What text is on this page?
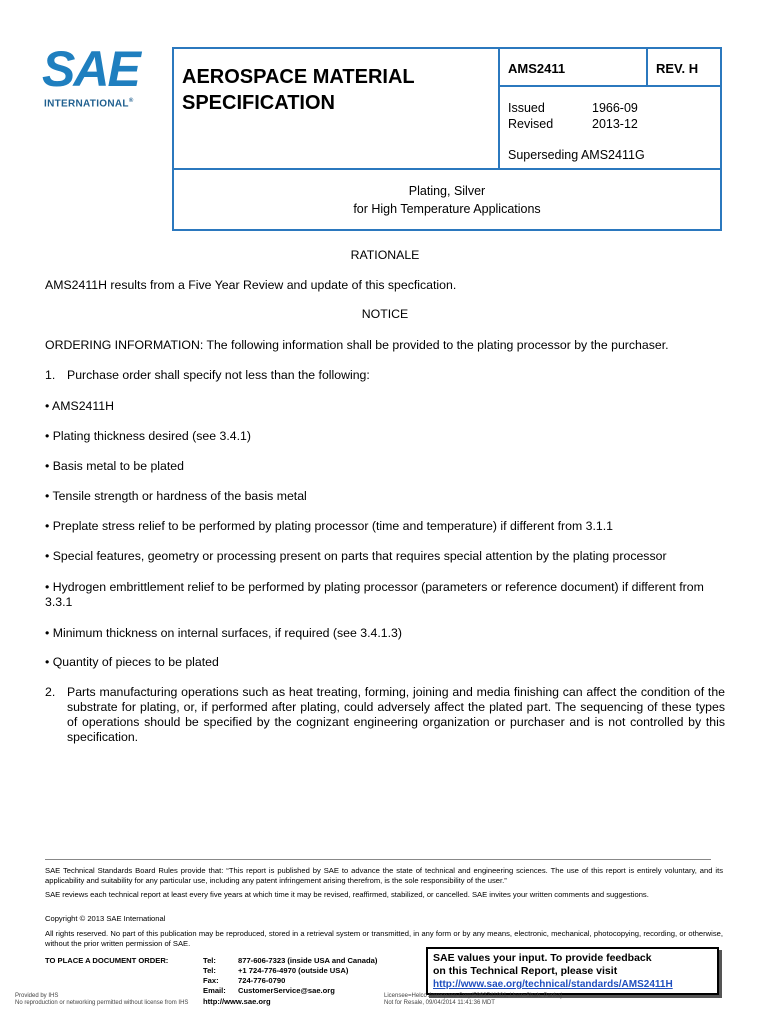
SAE
INTERNATIONAL®
AEROSPACE MATERIAL
SPECIFICATION
AMS2411	REV. H
Issued	1966-09
Revised	2013-12
Superseding AMS2411G
Plating, Silver
for High Temperature Applications
RATIONALE
AMS2411H results from a Five Year Review and update of this specfication.
NOTICE
ORDERING INFORMATION: The following information shall be provided to the plating processor by the purchaser.
1. Purchase order shall specify not less than the following:
• AMS2411H
• Plating thickness desired (see 3.4.1)
• Basis metal to be plated
• Tensile strength or hardness of the basis metal
• Preplate stress relief to be performed by plating processor (time and temperature) if different from 3.1.1
• Special features, geometry or processing present on parts that requires special attention by the plating processor
• Hydrogen embrittlement relief to be performed by plating processor (parameters or reference document) if different from 3.3.1
• Minimum thickness on internal surfaces, if required (see 3.4.1.3)
• Quantity of pieces to be plated
2. Parts manufacturing operations such as heat treating, forming, joining and media finishing can affect the condition of the substrate for plating, or, if performed after plating, could adversely affect the plated part. The sequencing of these types of operations should be specified by the cognizant engineering organization or purchaser and is not controlled by this specification.
SAE Technical Standards Board Rules provide that: “This report is published by SAE to advance the state of technical and engineering sciences. The use of this report is entirely voluntary, and its applicability and suitability for any particular use, including any patent infringement arising therefrom, is the sole responsibility of the user.”
SAE reviews each technical report at least every five years at which time it may be revised, reaffirmed, stabilized, or cancelled. SAE invites your written comments and suggestions.
Copyright © 2013 SAE International
All rights reserved. No part of this publication may be reproduced, stored in a retrieval system or transmitted, in any form or by any means, electronic, mechanical, photocopying, recording, or otherwise, without the prior written permission of SAE.
TO PLACE A DOCUMENT ORDER:	Tel:	877-606-7323 (inside USA and Canada)
Tel:	+1 724-776-4970 (outside USA)
Fax:	724-776-0790
Email: CustomerService@sae.org
http://www.sae.org
SAE values your input. To provide feedback
on this Technical Report, please visit
http://www.sae.org/technical/standards/AMS2411H
Provided by IHS
No reproduction or networking permitted without license from IHS
Licensee=Helco Aerospace Corp/5983741001, User=Shah, Pankaj
Not for Resale, 09/04/2014 11:41:36 MDT
